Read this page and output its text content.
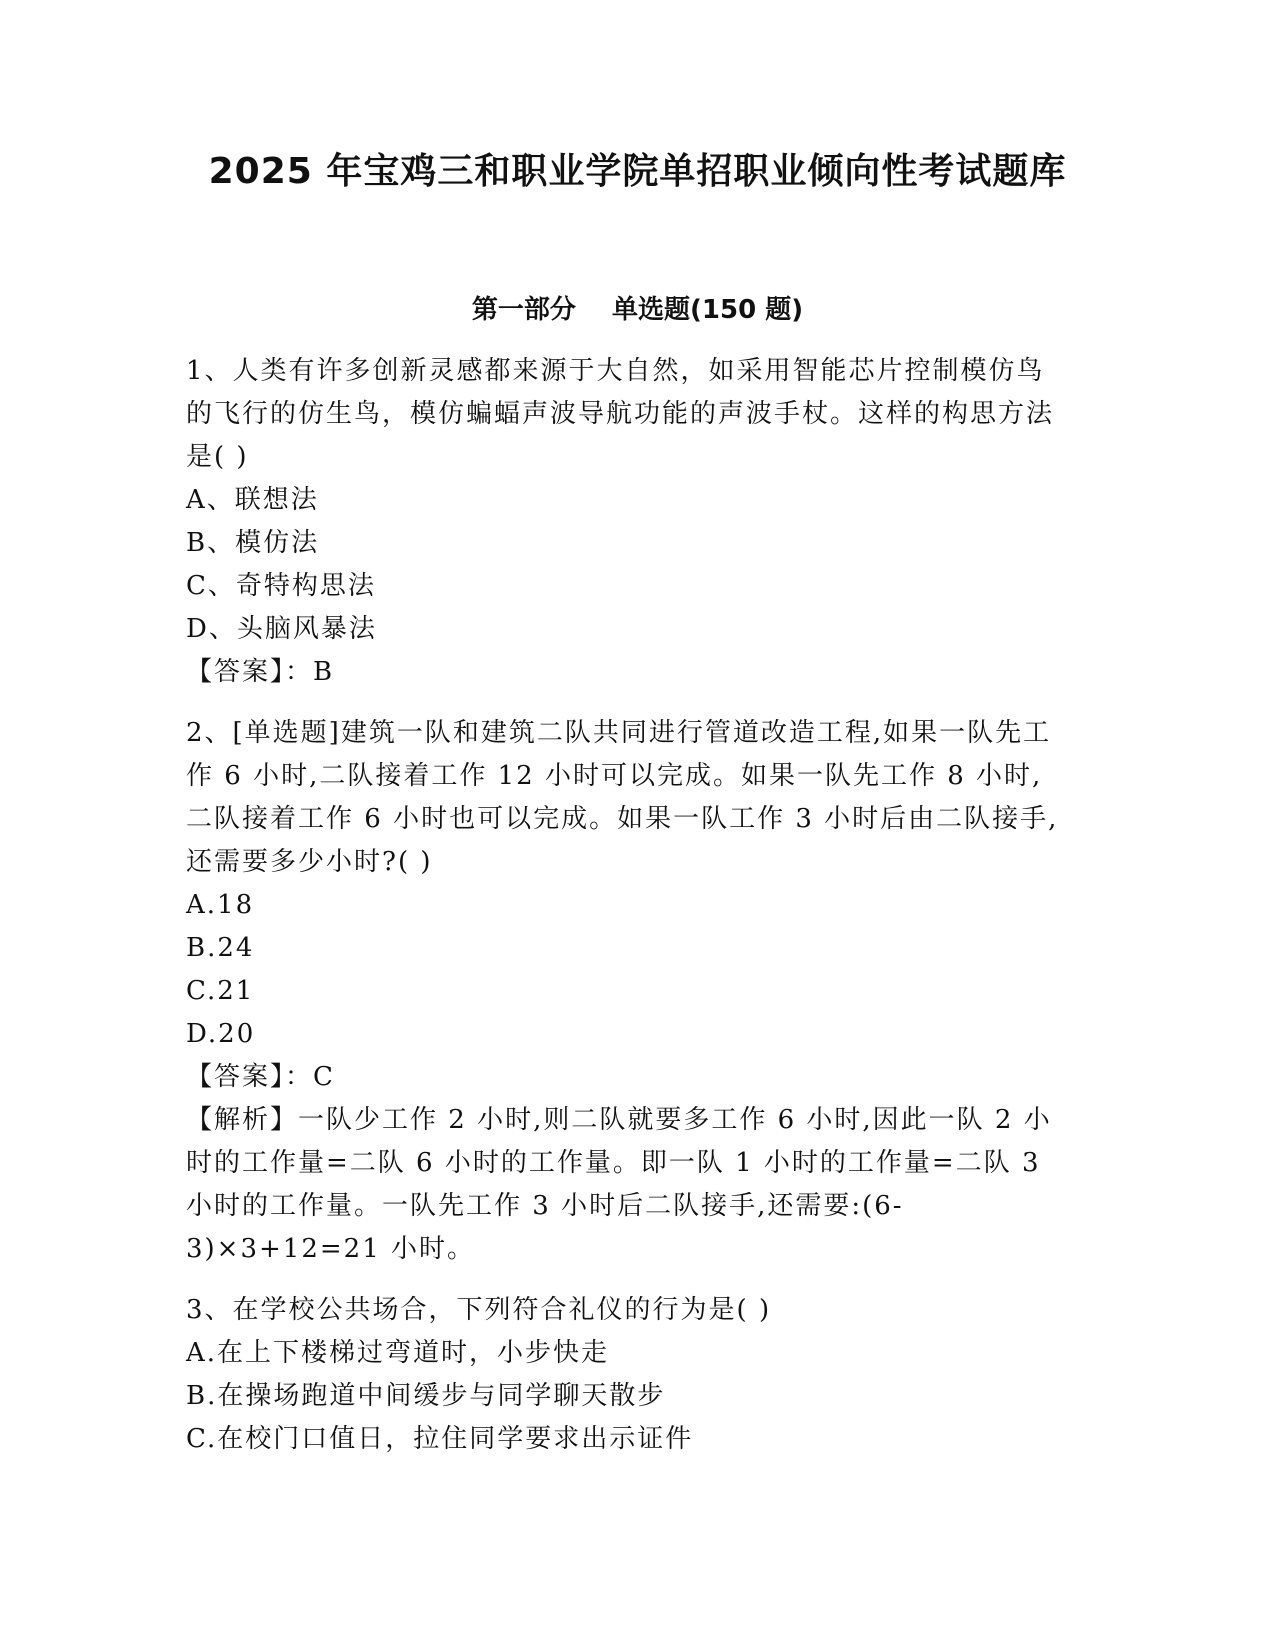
2025 年宝鸡三和职业学院单招职业倾向性考试题库
第一部分    单选题(150 题)

1、人类有许多创新灵感都来源于大自然，如采用智能芯片控制模仿鸟的飞行的仿生鸟，模仿蝙蝠声波导航功能的声波手杖。这样的构思方法是( )

A、联想法

B、模仿法

C、奇特构思法

D、头脑风暴法

【答案】：B

2、[单选题]建筑一队和建筑二队共同进行管道改造工程,如果一队先工作 6 小时,二队接着工作 12 小时可以完成。如果一队先工作 8 小时,二队接着工作 6 小时也可以完成。如果一队工作 3 小时后由二队接手,还需要多少小时?( )

A.18

B.24

C.21

D.20

【答案】：C

【解析】一队少工作 2 小时,则二队就要多工作 6 小时,因此一队 2 小时的工作量=二队 6 小时的工作量。即一队 1 小时的工作量=二队 3 小时的工作量。一队先工作 3 小时后二队接手,还需要:(6-3)×3+12=21 小时。

3、在学校公共场合，下列符合礼仪的行为是( )

A.在上下楼梯过弯道时，小步快走

B.在操场跑道中间缓步与同学聊天散步

C.在校门口值日，拉住同学要求出示证件
